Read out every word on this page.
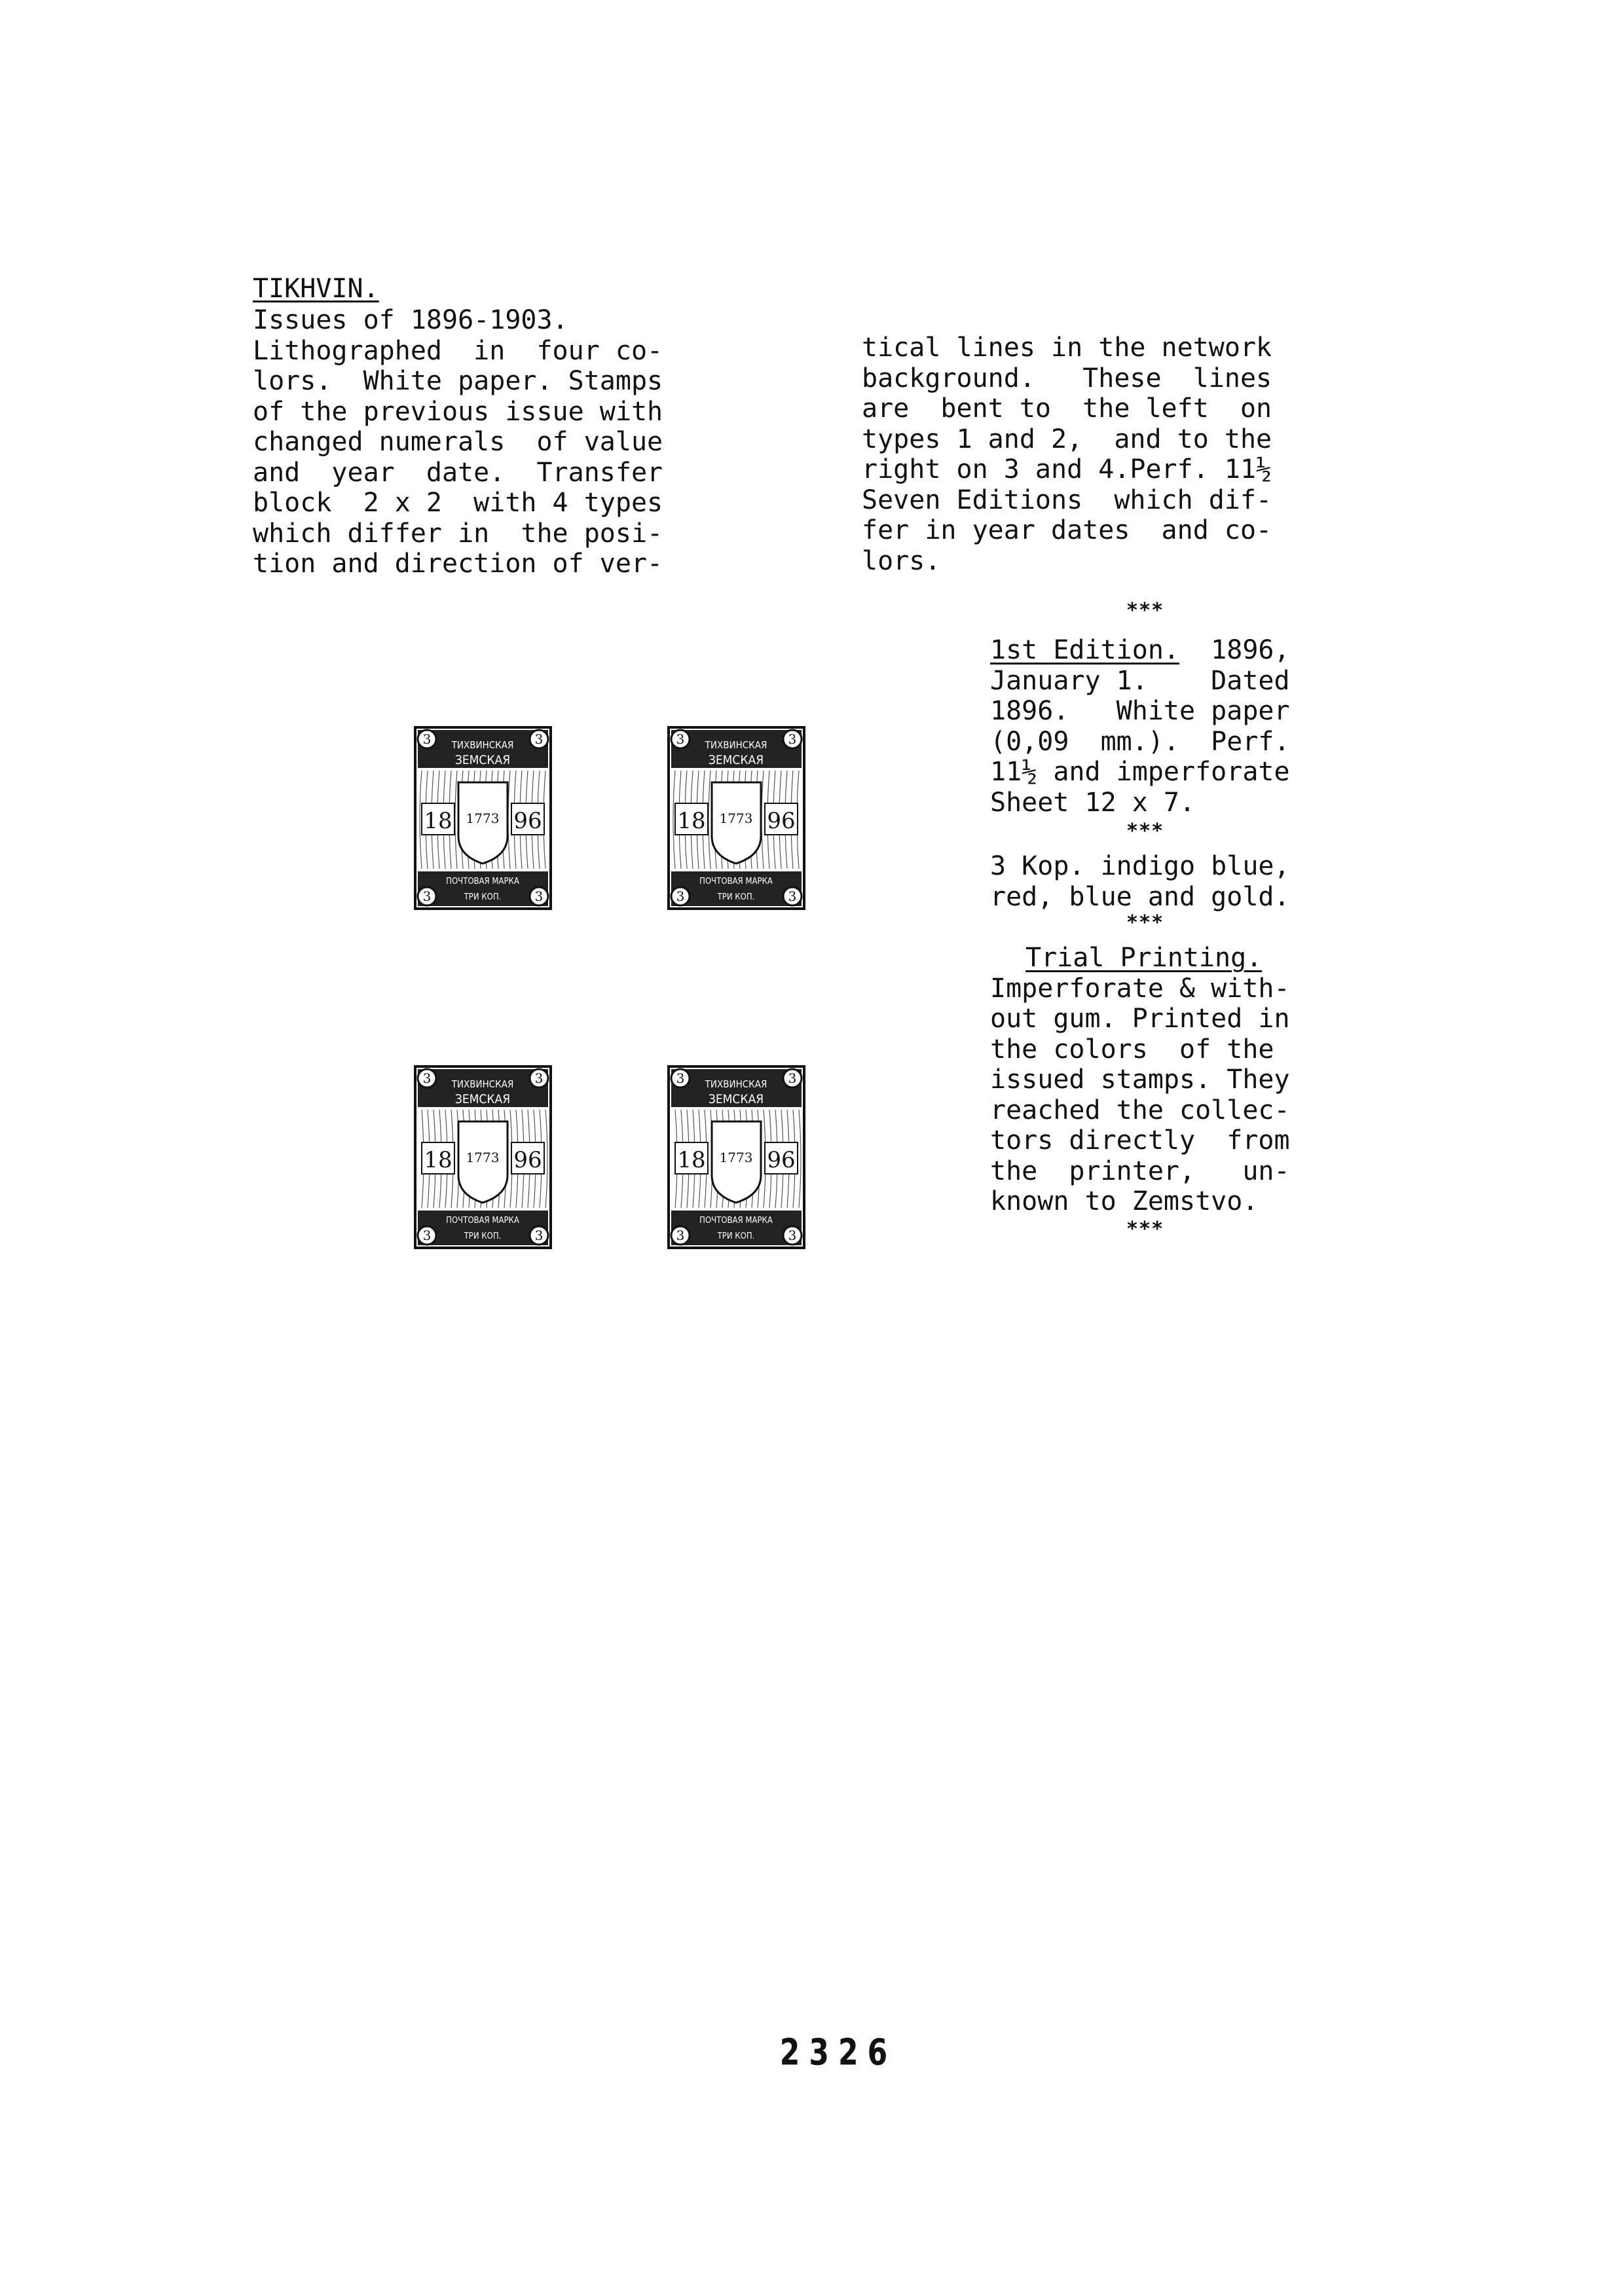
TIKHVIN.
Issues of 1896-1903.
Lithographed  in  four co-
lors.  White paper. Stamps
of the previous issue with
changed numerals  of value
and  year  date.  Transfer
block  2 x 2  with 4 types
which differ in  the posi-
tion and direction of ver-
tical lines in the network
background.   These  lines
are  bent to  the left  on
types 1 and 2,  and to the
right on 3 and 4.Perf. 11½
Seven Editions  which dif-
fer in year dates  and co-
lors.
***
1st Edition.  1896,
January 1.    Dated
1896.   White paper
(0,09  mm.).  Perf.
11½ and imperforate
Sheet 12 x 7.
***
3 Kop. indigo blue,
red, blue and gold.
***
Trial Printing.
Imperforate & with-
out gum. Printed in
the colors  of the
issued stamps. They
reached the collec-
tors directly  from
the  printer,   un-
known to Zemstvo.
***
3	3
3	3
ТИХВИНСКАЯ
ЗЕМСКАЯ
1773
18	96
ПОЧТОВАЯ МАРКА
ТРИ КОП.
3	3
3	3
ТИХВИНСКАЯ
ЗЕМСКАЯ
1773
18	96
ПОЧТОВАЯ МАРКА
ТРИ КОП.
3	3
3	3
ТИХВИНСКАЯ
ЗЕМСКАЯ
1773
18	96
ПОЧТОВАЯ МАРКА
ТРИ КОП.
3	3
3	3
ТИХВИНСКАЯ
ЗЕМСКАЯ
1773
18	96
ПОЧТОВАЯ МАРКА
ТРИ КОП.
2326
